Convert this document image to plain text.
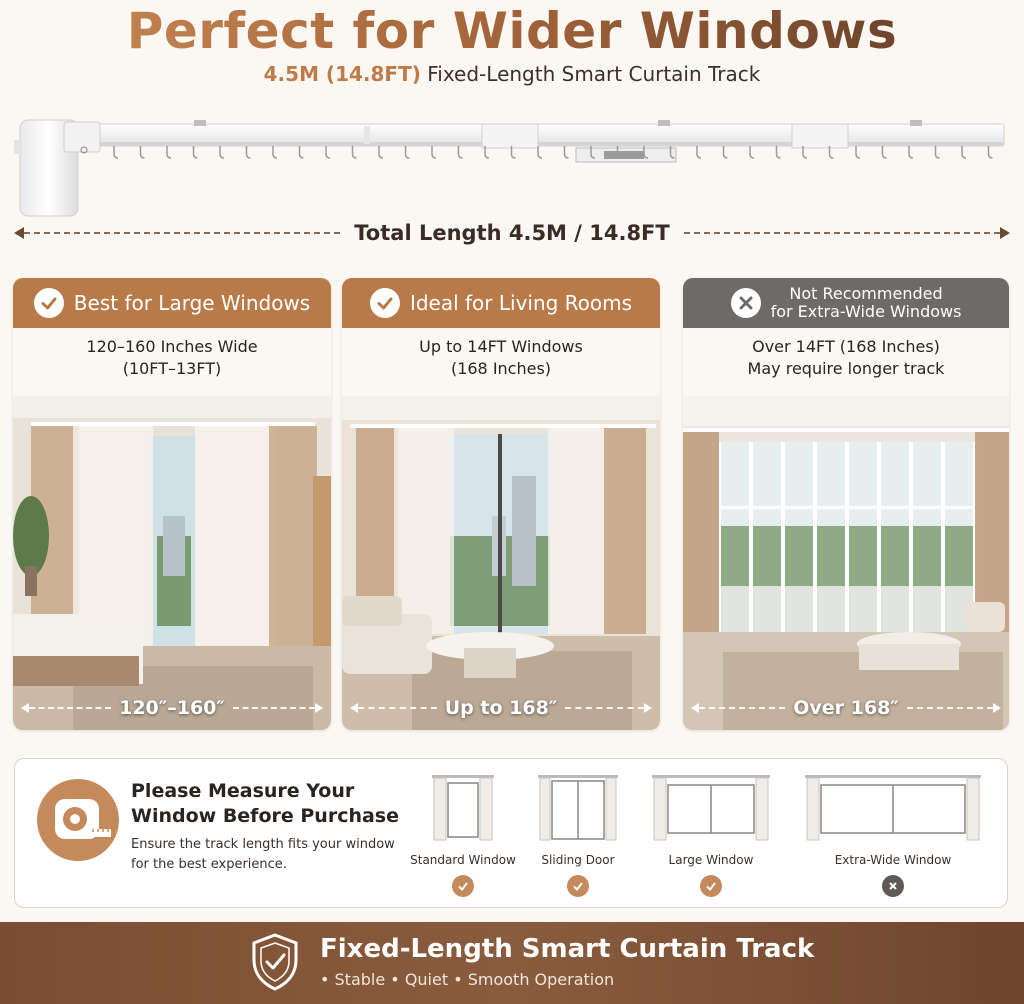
Perfect for Wider Windows
4.5M (14.8FT) Fixed-Length Smart Curtain Track
Total Length 4.5M / 14.8FT
Best for Large Windows
120–160 Inches Wide
(10FT–13FT)
120″–160″
Ideal for Living Rooms
Up to 14FT Windows
(168 Inches)
Up to 168″
Not Recommended
for Extra-Wide Windows
Over 14FT (168 Inches)
May require longer track
Over 168″
Please Measure Your
Window Before Purchase
Ensure the track length fits your window
for the best experience.	Standard Window	Sliding Door	Large Window	Extra-Wide Window
Fixed-Length Smart Curtain Track
• Stable • Quiet • Smooth Operation
